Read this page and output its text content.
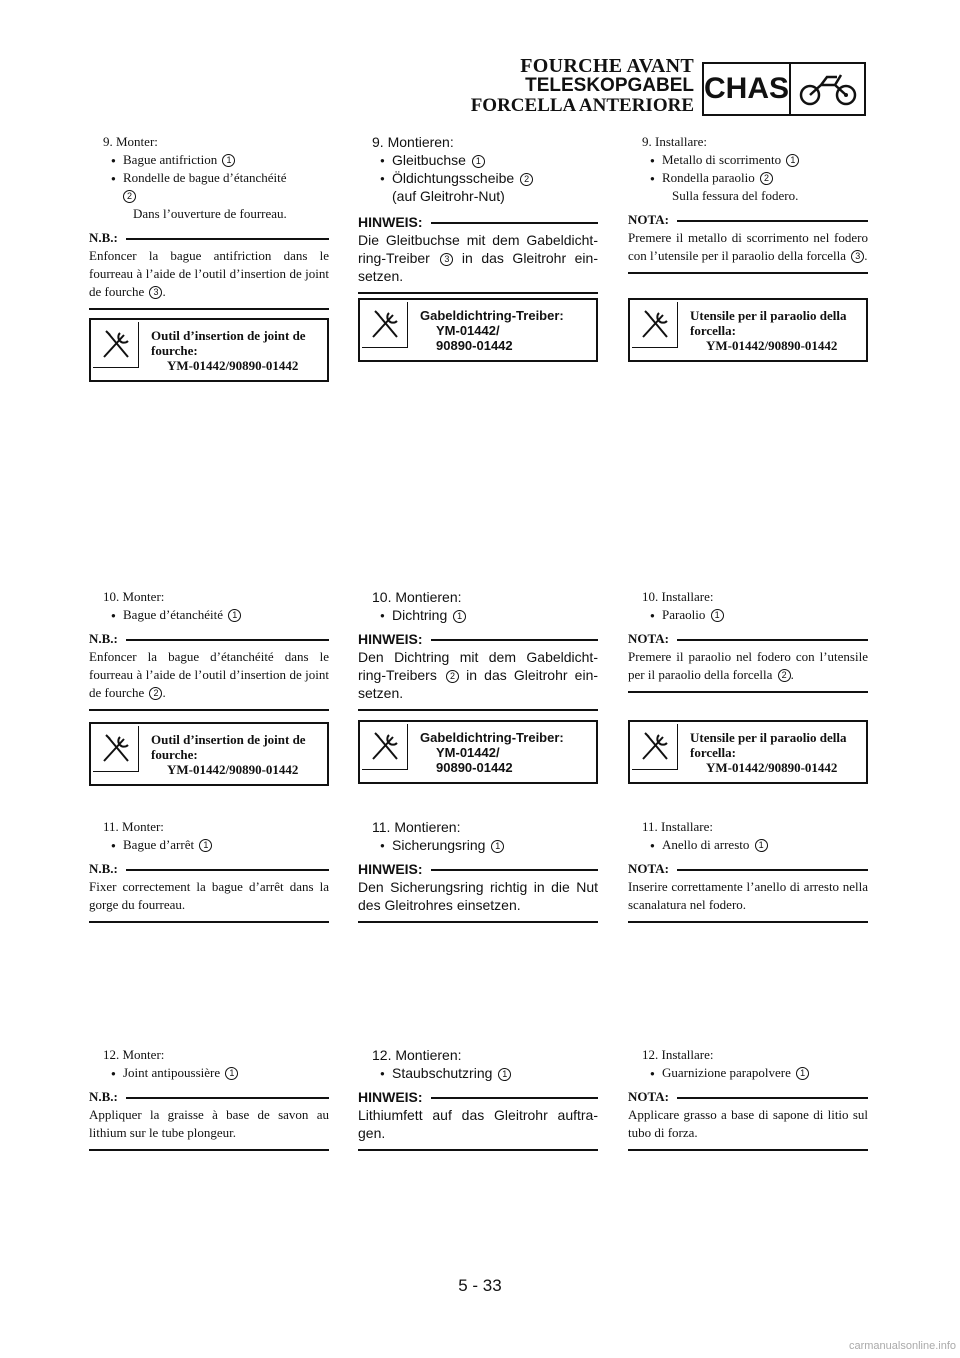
FOURCHE AVANT
TELESKOPGABEL
FORCELLA ANTERIORE
CHAS
9. Monter:
● Bague antifriction 1
● Rondelle de bague d’étanchéité
2
Dans l’ouverture de fourreau.
N.B.:
Enfoncer la bague antifriction dans le fourreau à l’aide de l’outil d’insertion de joint de fourche 3 .
Outil d’insertion de joint de fourche:
YM-01442/90890-01442
10. Monter:
● Bague d’étanchéité 1
N.B.:
Enfoncer la bague d’étanchéité dans le fourreau à l’aide de l’outil d’insertion de joint de fourche 2 .
Outil d’insertion de joint de fourche:
YM-01442/90890-01442
11. Monter:
● Bague d’arrêt 1
N.B.:
Fixer correctement la bague d’arrêt dans la gorge du fourreau.
12. Monter:
● Joint antipoussière 1
N.B.:
Appliquer la graisse à base de savon au lithium sur le tube plongeur.
9. Montieren:
● Gleitbuchse 1
● Öldichtungsscheibe 2
(auf Gleitrohr-Nut)
HINWEIS:
Die Gleitbuchse mit dem Gabeldicht-ring-Treiber 3 in das Gleitrohr ein-setzen.
Gabeldichtring-Treiber:
YM-01442/
90890-01442
10. Montieren:
● Dichtring 1
HINWEIS:
Den Dichtring mit dem Gabeldicht-ring-Treibers 2 in das Gleitrohr ein-setzen.
Gabeldichtring-Treiber:
YM-01442/
90890-01442
11. Montieren:
● Sicherungsring 1
HINWEIS:
Den Sicherungsring richtig in die Nut des Gleitrohres einsetzen.
12. Montieren:
● Staubschutzring 1
HINWEIS:
Lithiumfett auf das Gleitrohr auftra-gen.
9. Installare:
● Metallo di scorrimento 1
● Rondella paraolio 2
Sulla fessura del fodero.
NOTA:
Premere il metallo di scorrimento nel fodero con l’utensile per il paraolio della forcella 3 .
Utensile per il paraolio della forcella:
YM-01442/90890-01442
10. Installare:
● Paraolio 1
NOTA:
Premere il paraolio nel fodero con l’utensile per il paraolio della forcella 2 .
Utensile per il paraolio della forcella:
YM-01442/90890-01442
11. Installare:
● Anello di arresto 1
NOTA:
Inserire correttamente l’anello di arresto nella scanalatura nel fodero.
12. Installare:
● Guarnizione parapolvere 1
NOTA:
Applicare grasso a base di sapone di litio sul tubo di forza.
5 - 33
carmanualsonline.info
